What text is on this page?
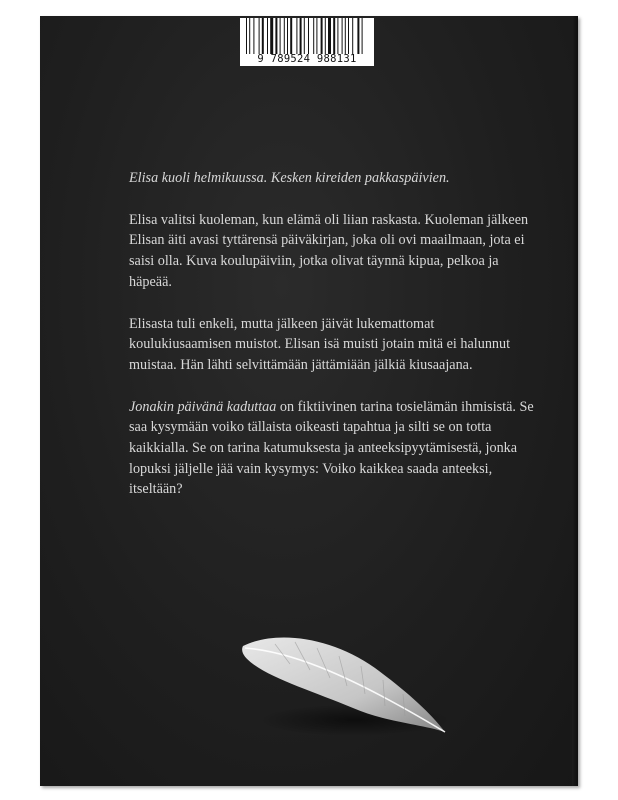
9 789524 988131

Elisa kuoli helmikuussa. Kesken kireiden pakkaspäivien.

Elisa valitsi kuoleman, kun elämä oli liian raskasta. Kuoleman jälkeen Elisan äiti avasi tyttärensä päiväkirjan, joka oli ovi maailmaan, jota ei saisi olla. Kuva koulupäiviin, jotka olivat täynnä kipua, pelkoa ja häpeää.

Elisasta tuli enkeli, mutta jälkeen jäivät lukemattomat koulukiusaamisen muistot. Elisan isä muisti jotain mitä ei halunnut muistaa. Hän lähti selvittämään jättämiään jälkiä kiusaajana.

Jonakin päivänä kaduttaa on fiktiivinen tarina tosielämän ihmisistä. Se saa kysymään voiko tällaista oikeasti tapahtua ja silti se on totta kaikkialla. Se on tarina katumuksesta ja anteeksipyytämisestä, jonka lopuksi jäljelle jää vain kysymys: Voiko kaikkea saada anteeksi, itseltään?
